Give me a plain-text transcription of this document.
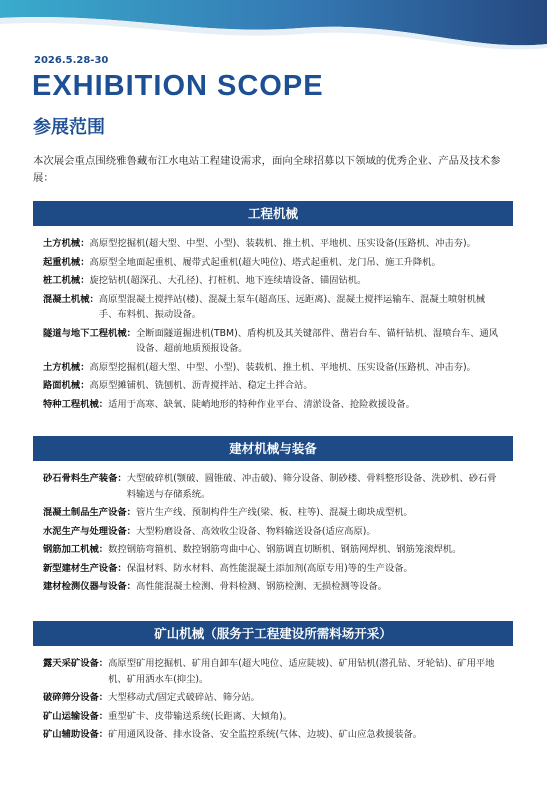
2026.5.28-30
EXHIBITION SCOPE
参展范围
本次展会重点围绕雅鲁藏布江水电站工程建设需求，面向全球招募以下领域的优秀企业、产品及技术参展：
工程机械
土方机械： 高原型挖掘机(超大型、中型、小型)、装载机、推土机、平地机、压实设备(压路机、冲击夯)。
起重机械： 高原型全地面起重机、履带式起重机(超大吨位)、塔式起重机、龙门吊、施工升降机。
桩工机械： 旋挖钻机(超深孔、大孔径)、打桩机、地下连续墙设备、锚固钻机。
混凝土机械： 高原型混凝土搅拌站(楼)、混凝土泵车(超高压、远距离)、混凝土搅拌运输车、混凝土喷射机械手、布料机、振动设备。
隧道与地下工程机械： 全断面隧道掘进机(TBM)、盾构机及其关键部件、凿岩台车、锚杆钻机、湿喷台车、通风设备、超前地质预报设备。
土方机械： 高原型挖掘机(超大型、中型、小型)、装载机、推土机、平地机、压实设备(压路机、冲击夯)。
路面机械： 高原型摊铺机、铣刨机、沥青搅拌站、稳定土拌合站。
特种工程机械： 适用于高寒、缺氧、陡峭地形的特种作业平台、清淤设备、抢险救援设备。
建材机械与装备
砂石骨料生产装备： 大型破碎机(颚破、圆锥破、冲击破)、筛分设备、制砂楼、骨料整形设备、洗砂机、砂石骨料输送与存储系统。
混凝土制品生产设备： 管片生产线、预制构件生产线(梁、板、柱等)、混凝土砌块成型机。
水泥生产与处理设备： 大型粉磨设备、高效收尘设备、物料输送设备(适应高原)。
钢筋加工机械： 数控钢筋弯箍机、数控钢筋弯曲中心、钢筋调直切断机、钢筋网焊机、钢筋笼滚焊机。
新型建材生产设备： 保温材料、防水材料、高性能混凝土添加剂(高原专用)等的生产设备。
建材检测仪器与设备： 高性能混凝土检测、骨料检测、钢筋检测、无损检测等设备。
矿山机械（服务于工程建设所需料场开采）
露天采矿设备： 高原型矿用挖掘机、矿用自卸车(超大吨位、适应陡坡)、矿用钻机(潜孔钻、牙轮钻)、矿用平地机、矿用洒水车(抑尘)。
破碎筛分设备： 大型移动式/固定式破碎站、筛分站。
矿山运输设备： 重型矿卡、皮带输送系统(长距离、大倾角)。
矿山辅助设备： 矿用通风设备、排水设备、安全监控系统(气体、边坡)、矿山应急救援装备。
